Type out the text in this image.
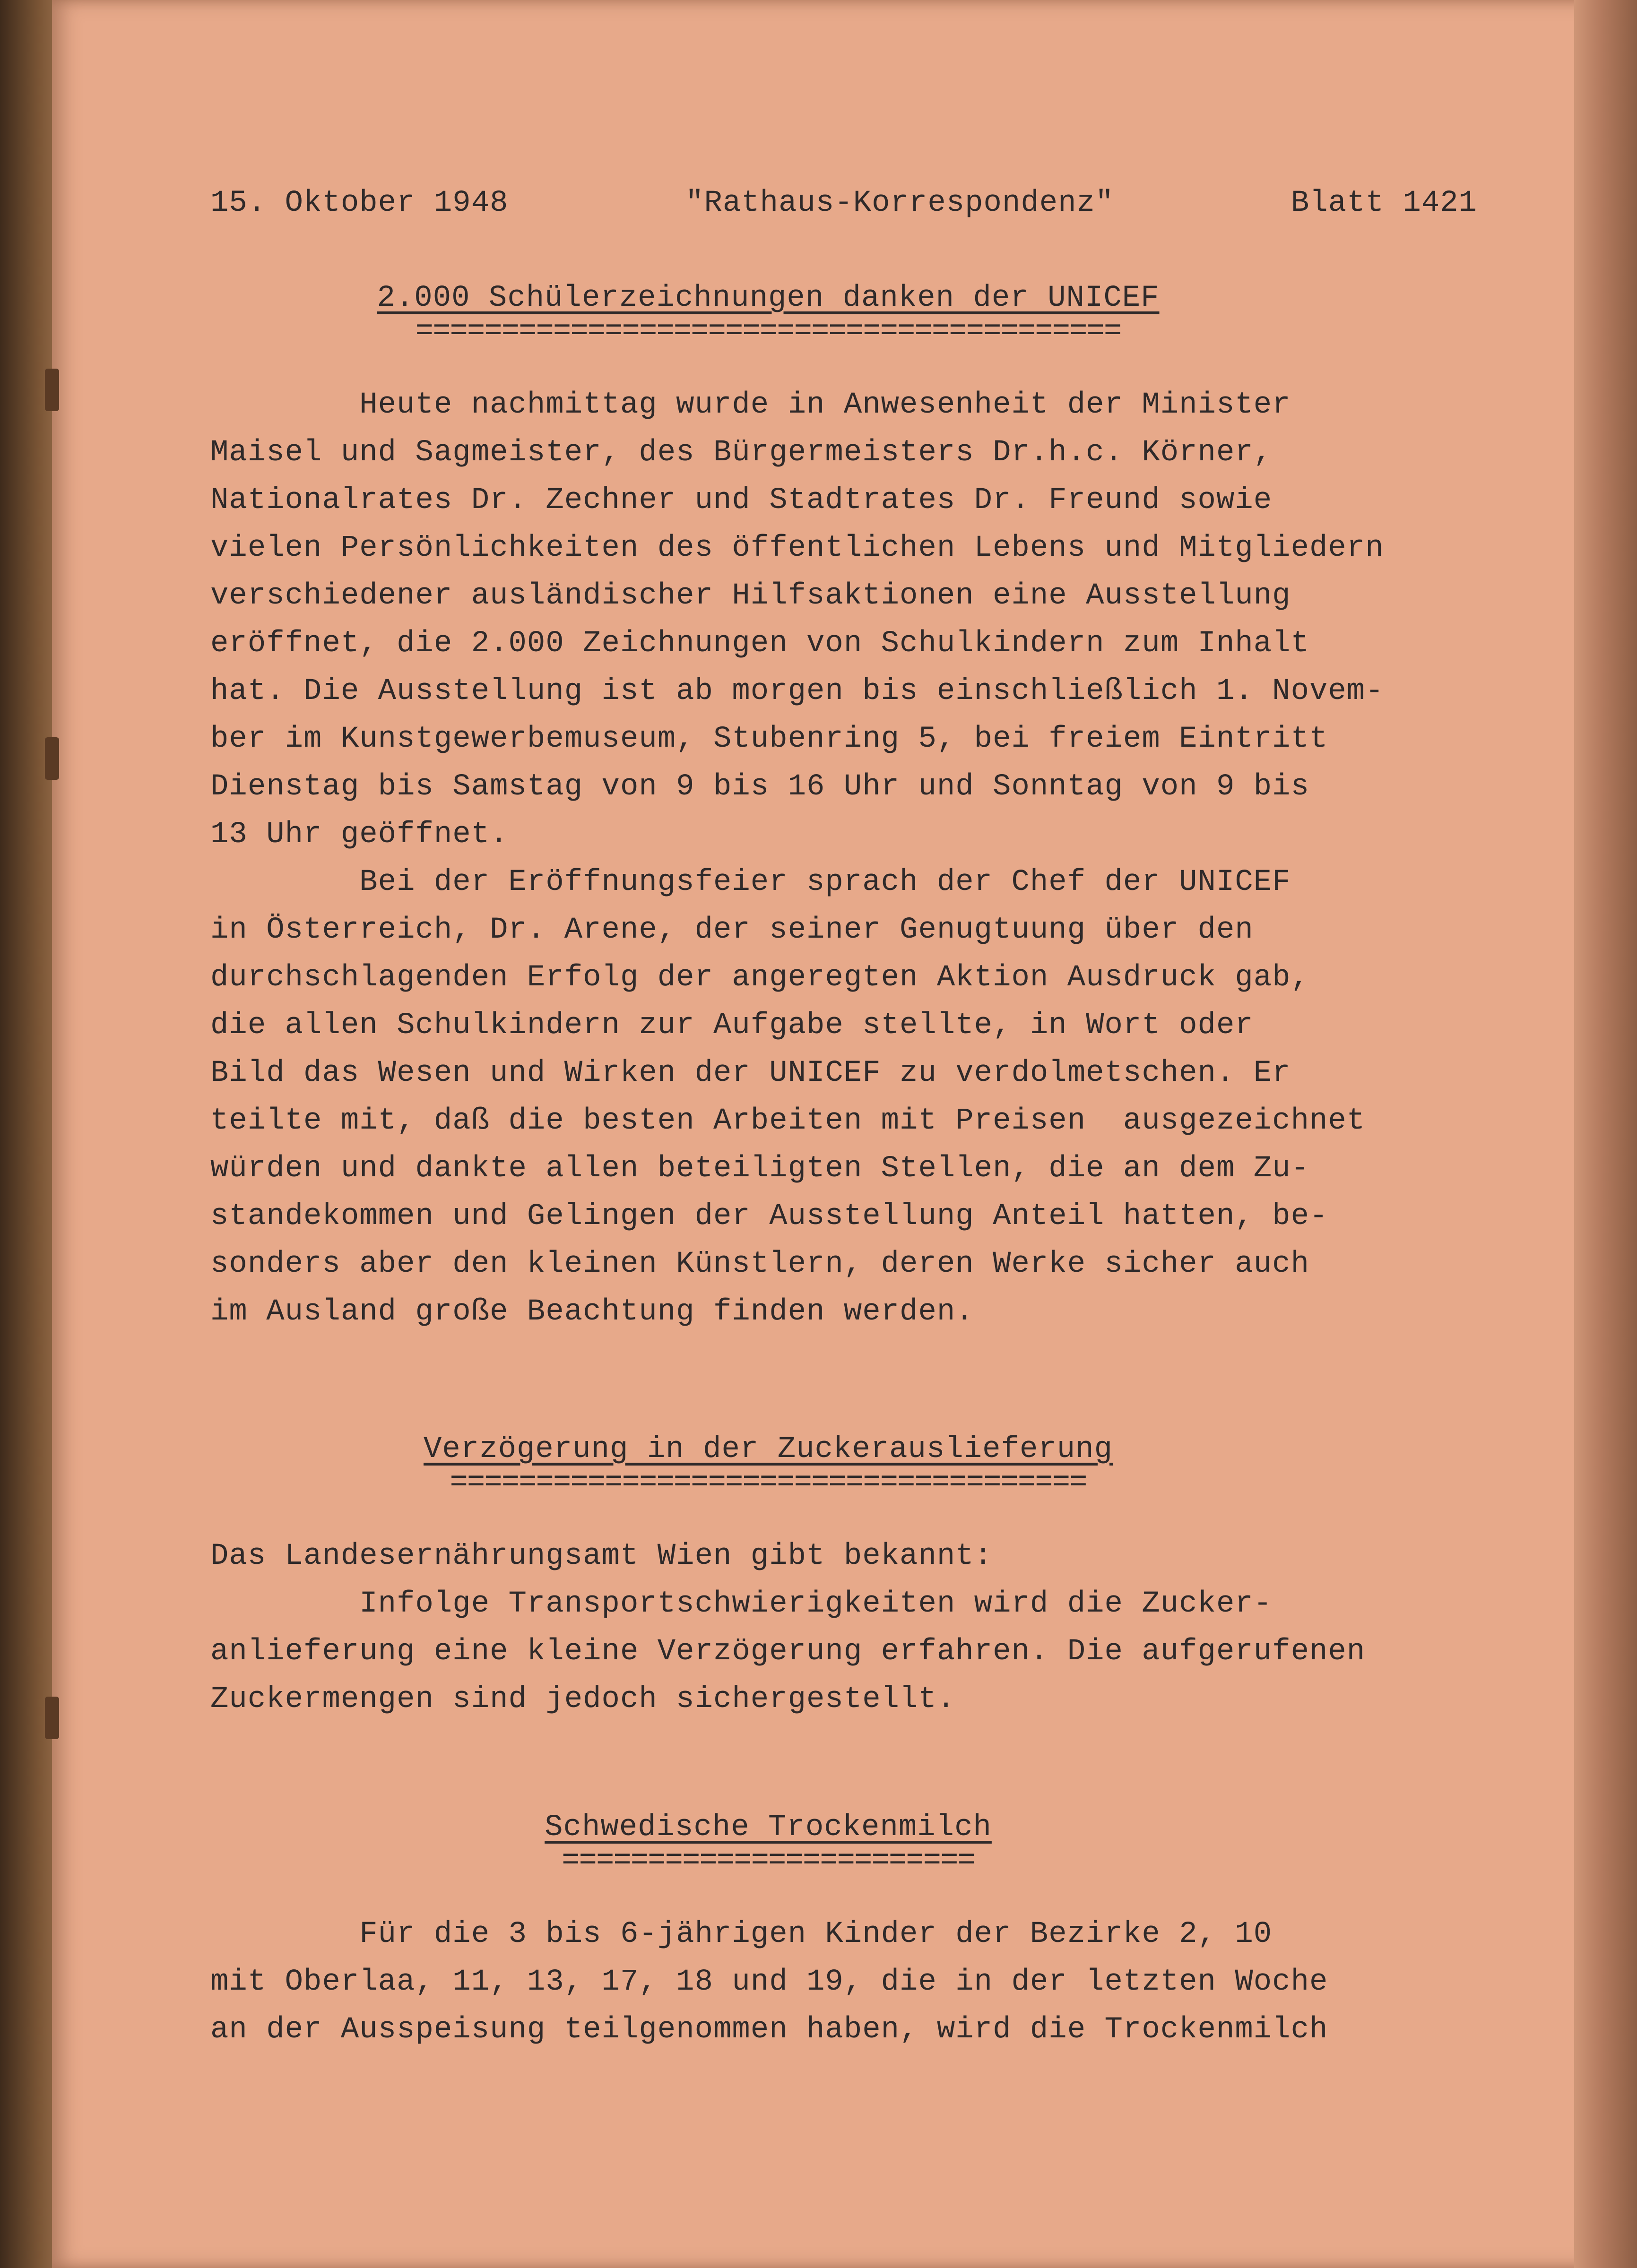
15. Oktober 1948	"Rathaus-Korrespondenz"	Blatt 1421
2.000 Schülerzeichnungen danken der UNICEF
=========================================
Heute nachmittag wurde in Anwesenheit der Minister
Maisel und Sagmeister, des Bürgermeisters Dr.h.c. Körner,
Nationalrates Dr. Zechner und Stadtrates Dr. Freund sowie
vielen Persönlichkeiten des öffentlichen Lebens und Mitgliedern
verschiedener ausländischer Hilfsaktionen eine Ausstellung
eröffnet, die 2.000 Zeichnungen von Schulkindern zum Inhalt
hat. Die Ausstellung ist ab morgen bis einschließlich 1. Novem-
ber im Kunstgewerbemuseum, Stubenring 5, bei freiem Eintritt
Dienstag bis Samstag von 9 bis 16 Uhr und Sonntag von 9 bis
13 Uhr geöffnet.
Bei der Eröffnungsfeier sprach der Chef der UNICEF
in Österreich, Dr. Arene, der seiner Genugtuung über den
durchschlagenden Erfolg der angeregten Aktion Ausdruck gab,
die allen Schulkindern zur Aufgabe stellte, in Wort oder
Bild das Wesen und Wirken der UNICEF zu verdolmetschen. Er
teilte mit, daß die besten Arbeiten mit Preisen  ausgezeichnet
würden und dankte allen beteiligten Stellen, die an dem Zu-
standekommen und Gelingen der Ausstellung Anteil hatten, be-
sonders aber den kleinen Künstlern, deren Werke sicher auch
im Ausland große Beachtung finden werden.
Verzögerung in der Zuckerauslieferung
=====================================
Das Landesernährungsamt Wien gibt bekannt:
Infolge Transportschwierigkeiten wird die Zucker-
anlieferung eine kleine Verzögerung erfahren. Die aufgerufenen
Zuckermengen sind jedoch sichergestellt.
Schwedische Trockenmilch
========================
Für die 3 bis 6-jährigen Kinder der Bezirke 2, 10
mit Oberlaa, 11, 13, 17, 18 und 19, die in der letzten Woche
an der Ausspeisung teilgenommen haben, wird die Trockenmilch
